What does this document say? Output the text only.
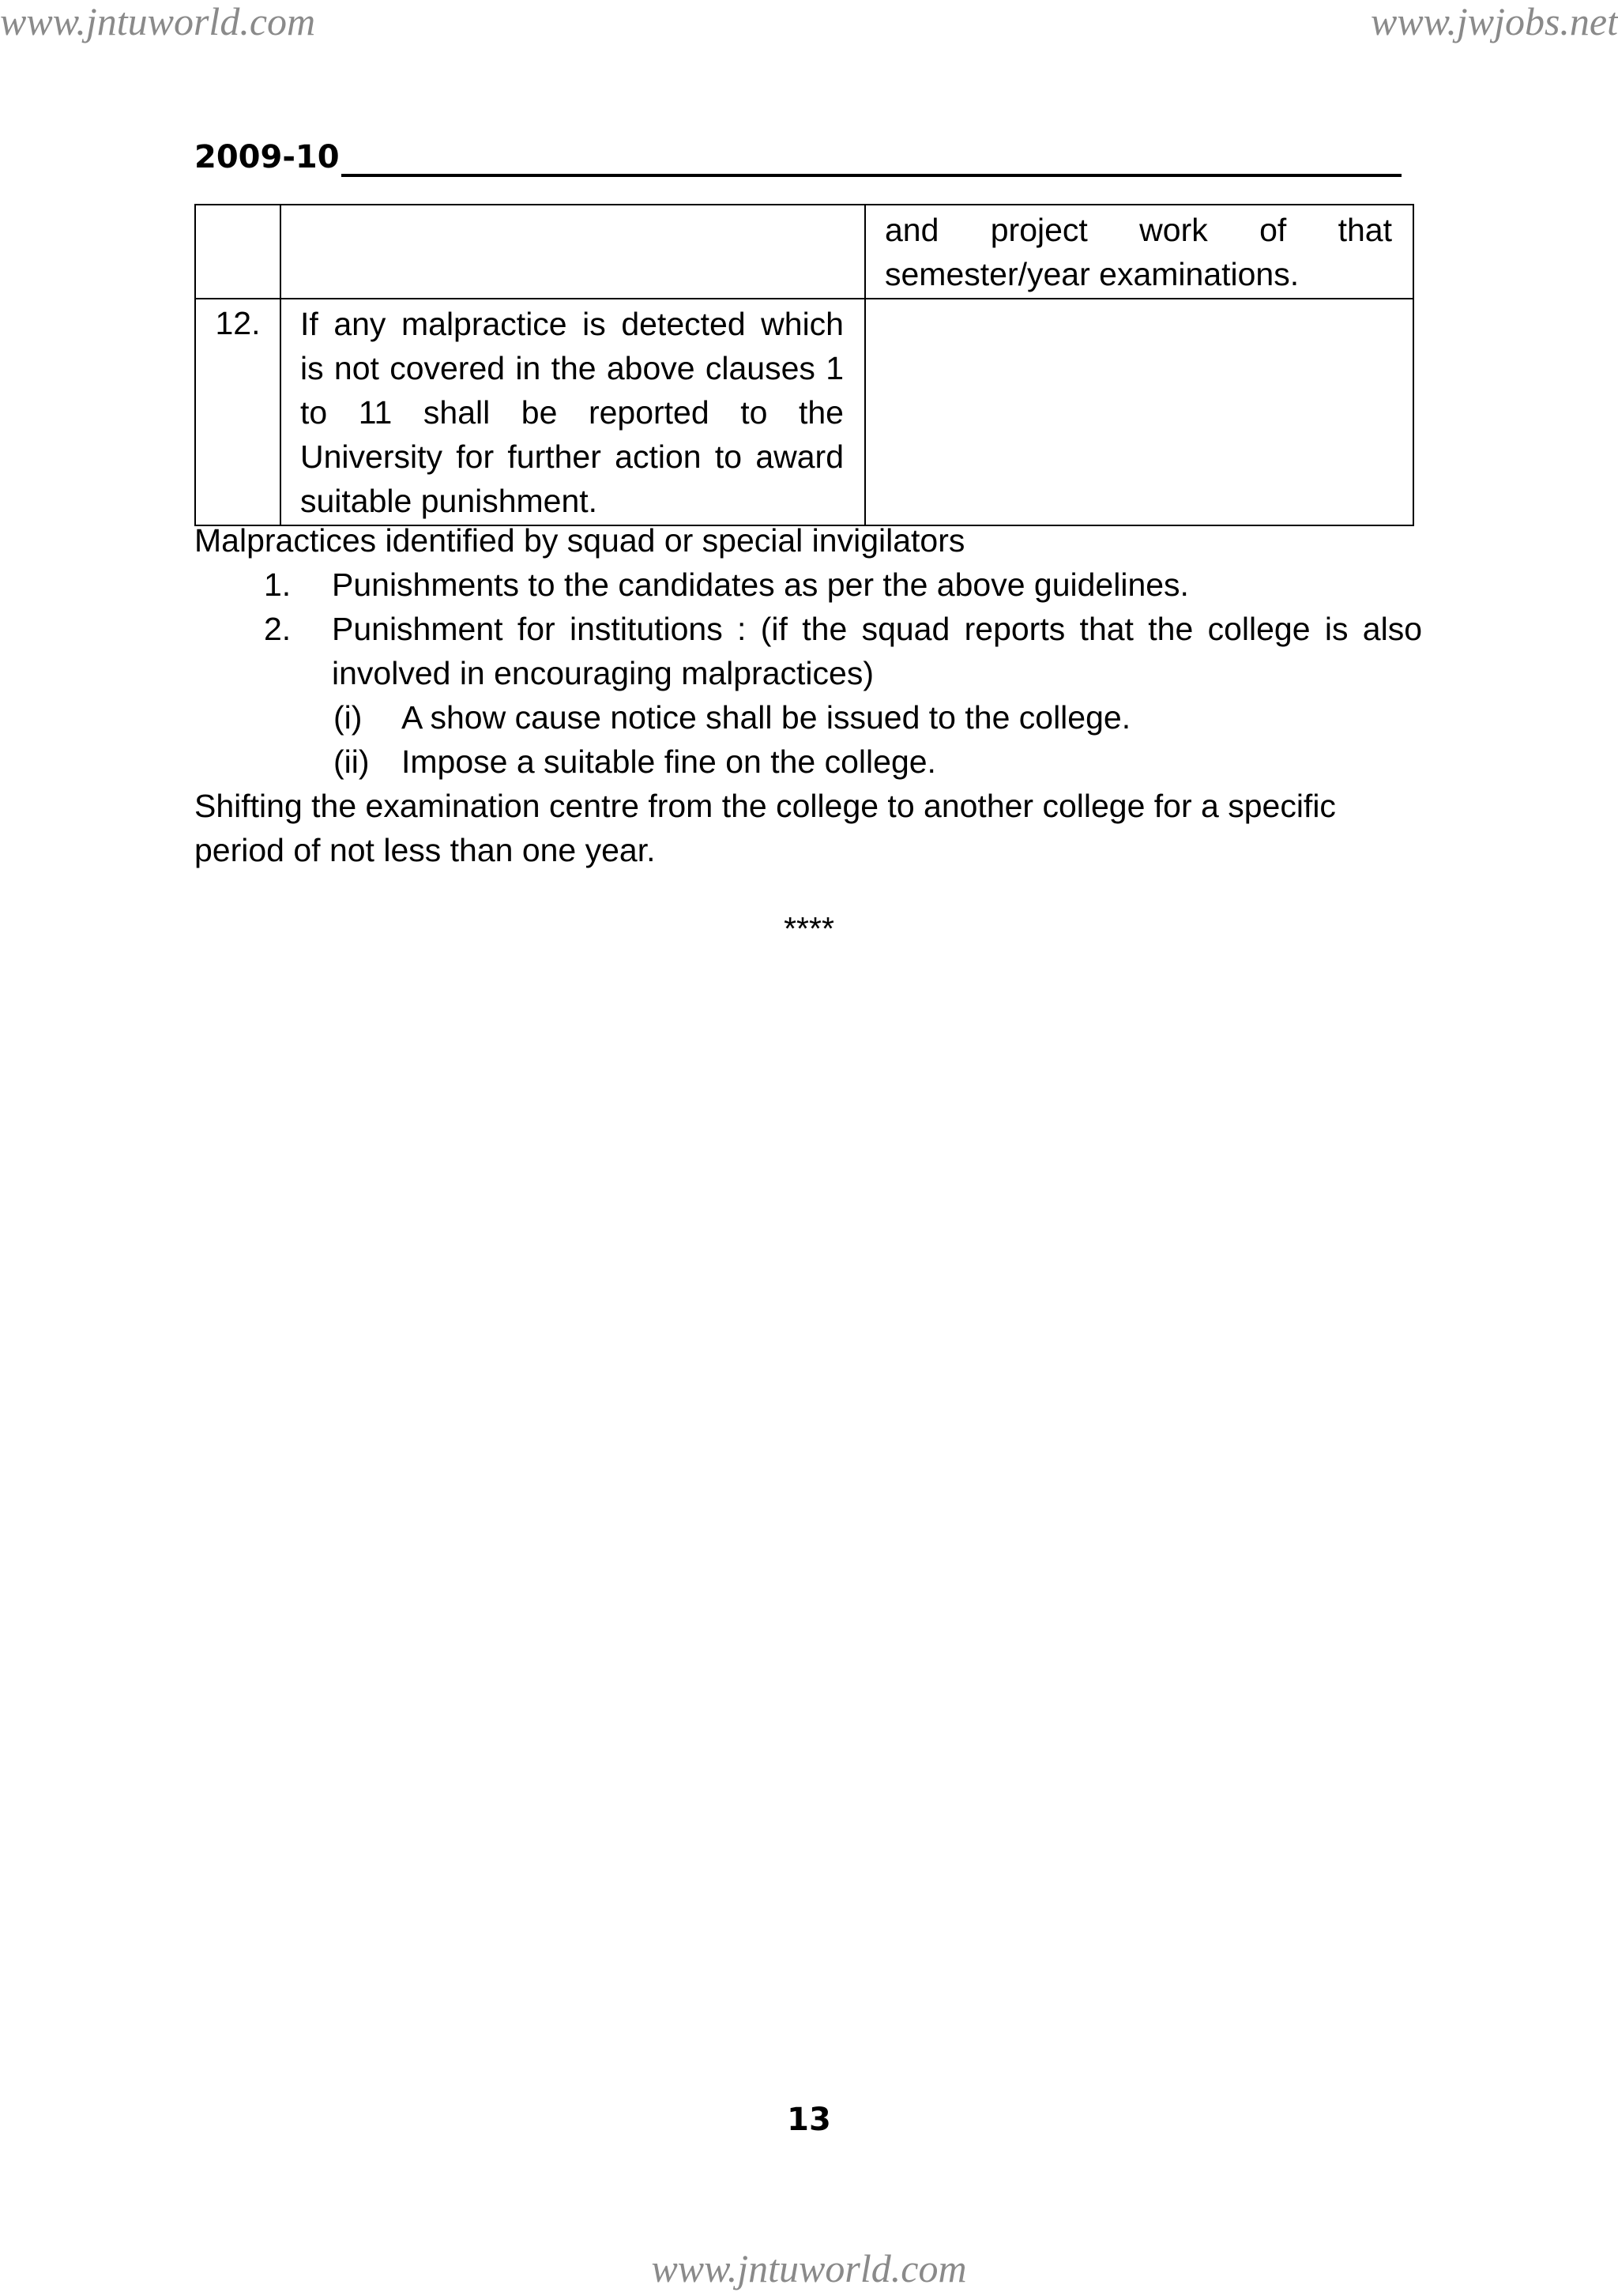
www.jntuworld.com	www.jwjobs.net
2009-10
		and project work of that semester/year examinations.
12.	If any malpractice is detected which is not covered in the above clauses 1 to 11 shall be reported to the University for further action to award suitable punishment.	
Malpractices identified by squad or special invigilators
1. Punishments to the candidates as per the above guidelines.
2. Punishment for institutions : (if the squad reports that the college is also involved in encouraging malpractices)
(i) A show cause notice shall be issued to the college.
(ii) Impose a suitable fine on the college.
Shifting the examination centre from the college to another college for a specific period of not less than one year.
****
13
www.jntuworld.com
